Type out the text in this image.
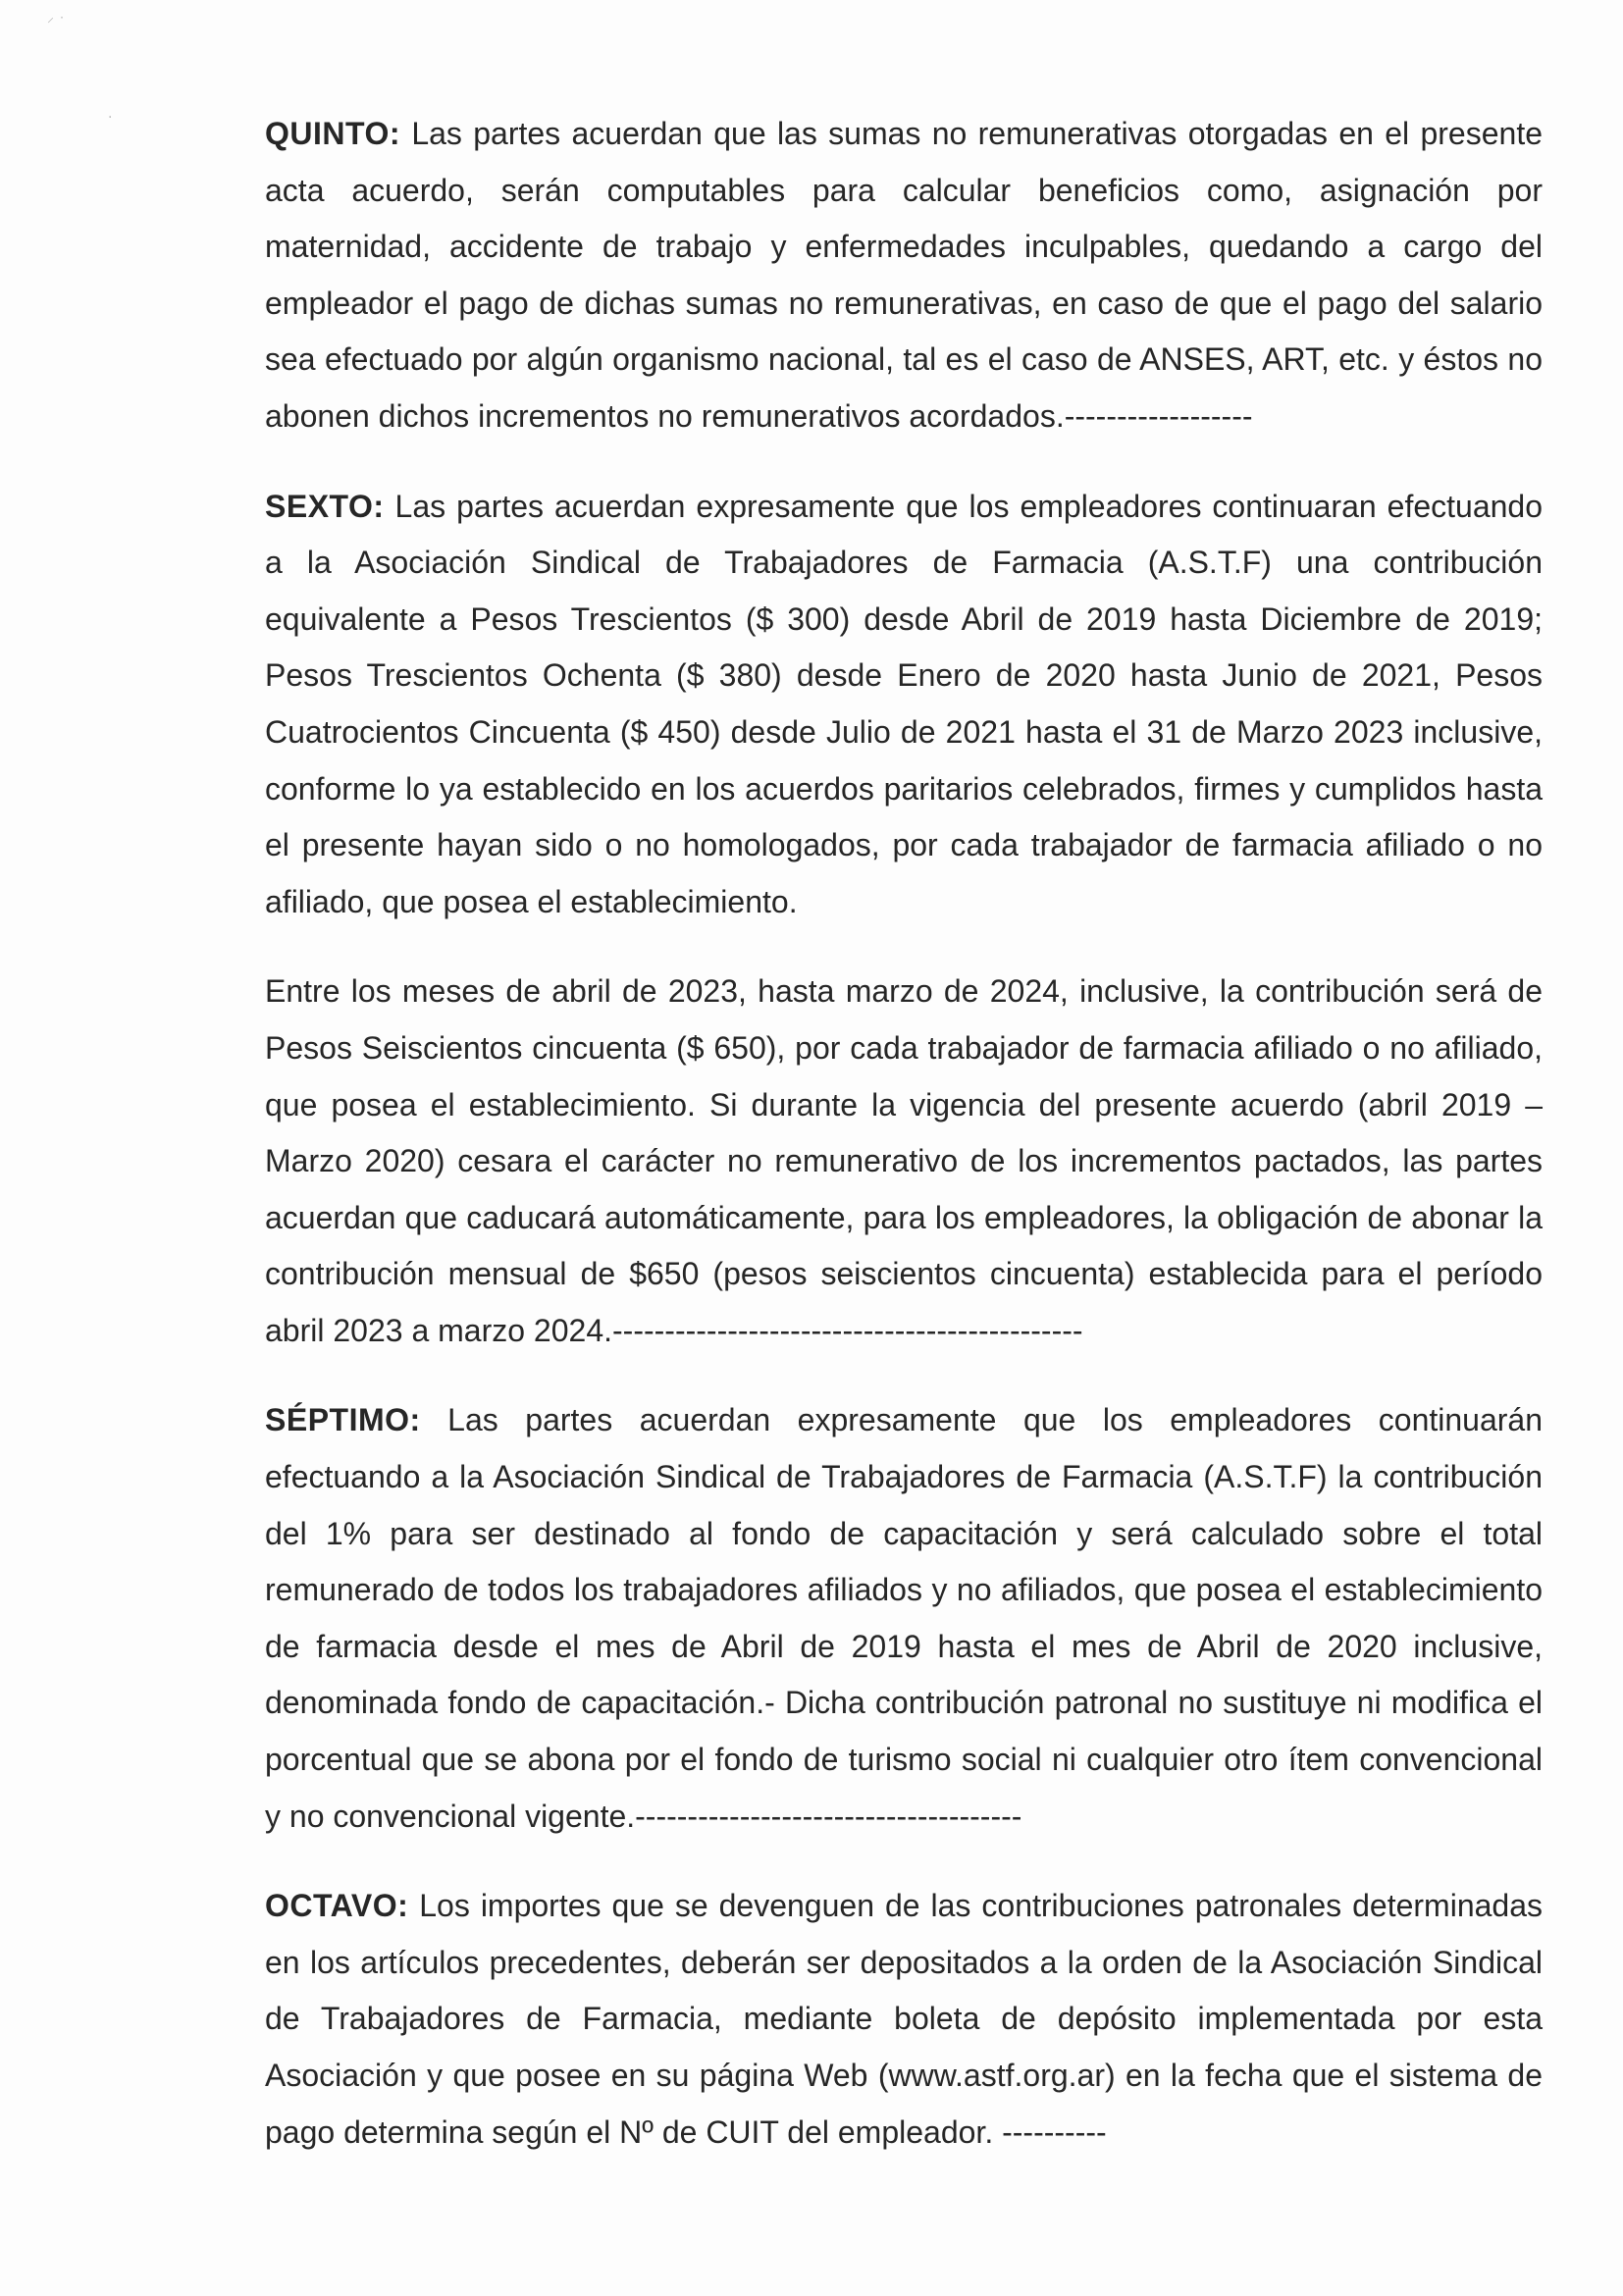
⸍ ˙
·	QUINTO: Las partes acuerdan que las sumas no remunerativas otorgadas en el presente acta acuerdo, serán computables para calcular beneficios como, asignación por maternidad, accidente de trabajo y enfermedades inculpables, quedando a cargo del empleador el pago de dichas sumas no remunerativas, en caso de que el pago del salario sea efectuado por algún organismo nacional, tal es el caso de ANSES, ART, etc. y éstos no abonen dichos incrementos no remunerativos acordados.------------------

SEXTO: Las partes acuerdan expresamente que los empleadores continuaran efectuando a la Asociación Sindical de Trabajadores de Farmacia (A.S.T.F) una contribución equivalente a Pesos Trescientos ($ 300) desde Abril de 2019 hasta Diciembre de 2019; Pesos Trescientos Ochenta ($ 380) desde Enero de 2020 hasta Junio de 2021, Pesos Cuatrocientos Cincuenta ($ 450) desde Julio de 2021 hasta el 31 de Marzo 2023 inclusive, conforme lo ya establecido en los acuerdos paritarios celebrados, firmes y cumplidos hasta el presente hayan sido o no homologados, por cada trabajador de farmacia afiliado o no afiliado, que posea el establecimiento.

Entre los meses de abril de 2023, hasta marzo de 2024, inclusive, la contribución será de Pesos Seiscientos cincuenta ($ 650), por cada trabajador de farmacia afiliado o no afiliado, que posea el establecimiento. Si durante la vigencia del presente acuerdo (abril 2019 –Marzo 2020) cesara el carácter no remunerativo de los incrementos pactados, las partes acuerdan que caducará automáticamente, para los empleadores, la obligación de abonar la contribución mensual de $650 (pesos seiscientos cincuenta) establecida para el período abril 2023 a marzo 2024.---------------------------------------------

SÉPTIMO: Las partes acuerdan expresamente que los empleadores continuarán efectuando a la Asociación Sindical de Trabajadores de Farmacia (A.S.T.F) la contribución del 1% para ser destinado al fondo de capacitación y será calculado sobre el total remunerado de todos los trabajadores afiliados y no afiliados, que posea el establecimiento de farmacia desde el mes de Abril de 2019 hasta el mes de Abril de 2020 inclusive, denominada fondo de capacitación.- Dicha contribución patronal no sustituye ni modifica el porcentual que se abona por el fondo de turismo social ni cualquier otro ítem convencional y no convencional vigente.-------------------------------------

OCTAVO: Los importes que se devenguen de las contribuciones patronales determinadas en los artículos precedentes, deberán ser depositados a la orden de la Asociación Sindical de Trabajadores de Farmacia, mediante boleta de depósito implementada por esta Asociación y que posee en su página Web (www.astf.org.ar) en la fecha que el sistema de pago determina según el Nº de CUIT del empleador. ----------
